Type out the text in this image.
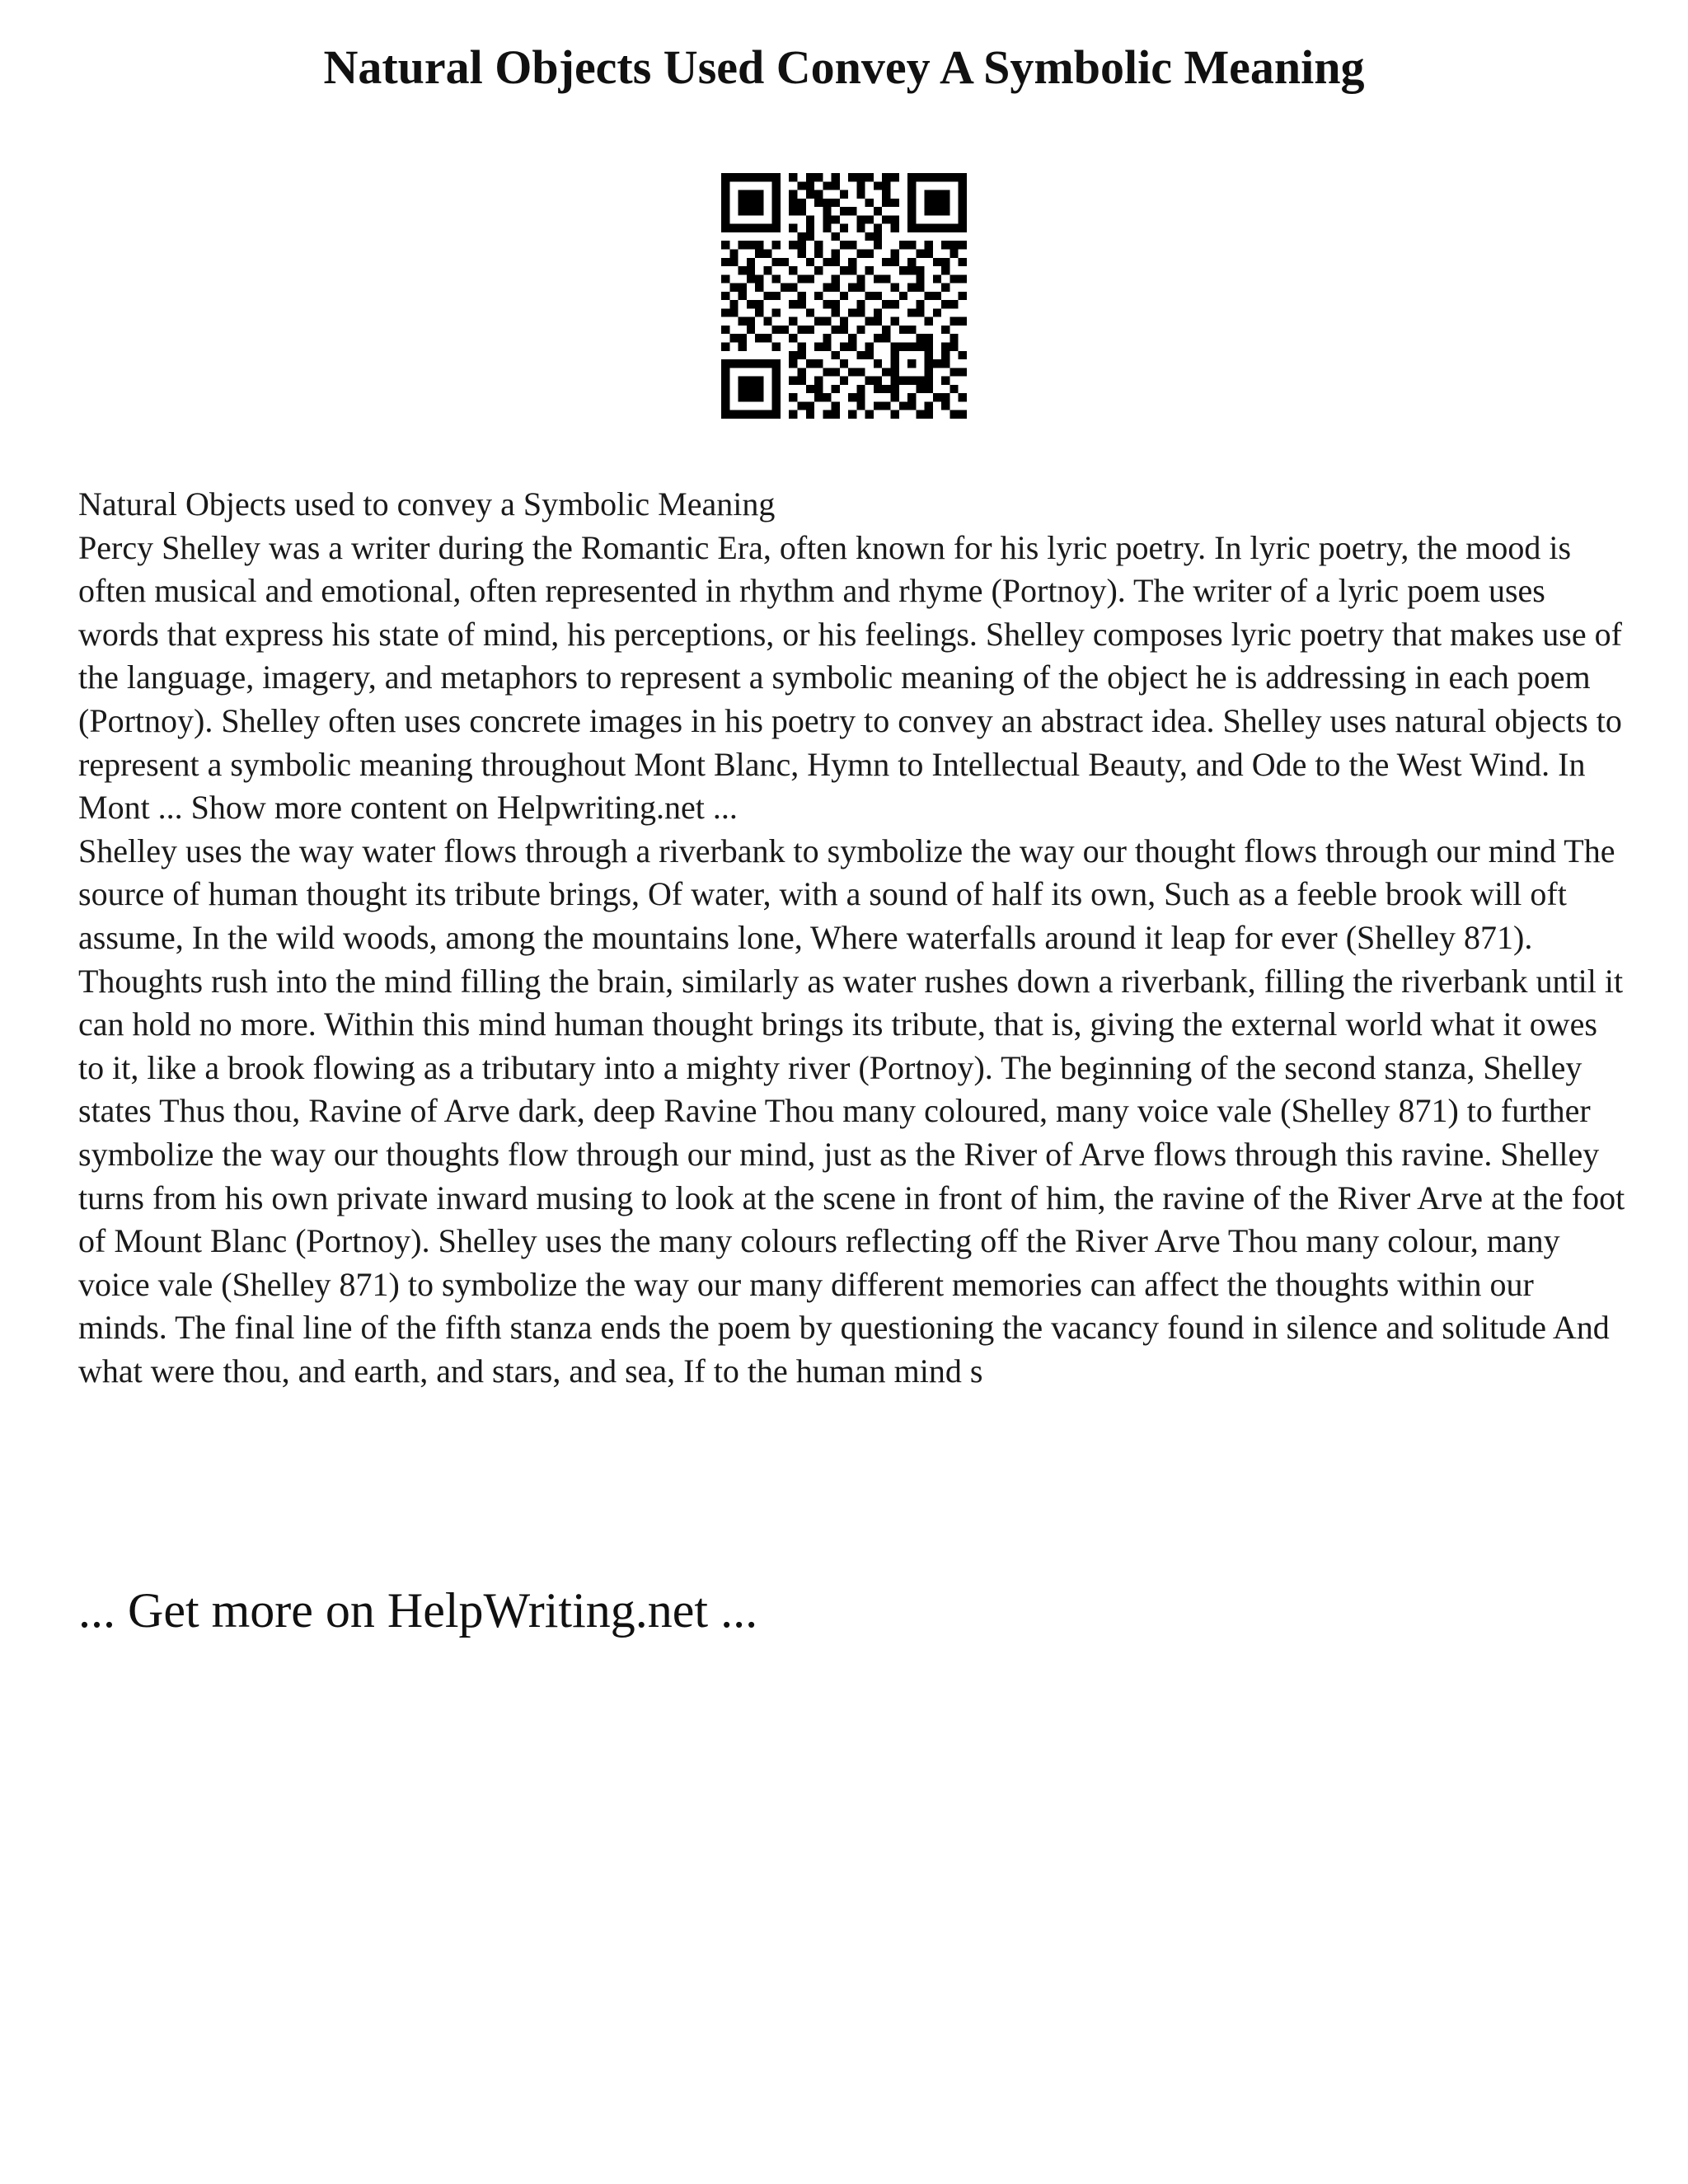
Natural Objects Used Convey A Symbolic Meaning

Natural Objects used to convey a Symbolic Meaning

Percy Shelley was a writer during the Romantic Era, often known for his lyric poetry. In lyric poetry, the mood is often musical and emotional, often represented in rhythm and rhyme (Portnoy). The writer of a lyric poem uses words that express his state of mind, his perceptions, or his feelings. Shelley composes lyric poetry that makes use of the language, imagery, and metaphors to represent a symbolic meaning of the object he is addressing in each poem (Portnoy). Shelley often uses concrete images in his poetry to convey an abstract idea. Shelley uses natural objects to represent a symbolic meaning throughout Mont Blanc, Hymn to Intellectual Beauty, and Ode to the West Wind. In Mont ... Show more content on Helpwriting.net ...

Shelley uses the way water flows through a riverbank to symbolize the way our thought flows through our mind The source of human thought its tribute brings, Of water, with a sound of half its own, Such as a feeble brook will oft assume, In the wild woods, among the mountains lone, Where waterfalls around it leap for ever (Shelley 871). Thoughts rush into the mind filling the brain, similarly as water rushes down a riverbank, filling the riverbank until it can hold no more. Within this mind human thought brings its tribute, that is, giving the external world what it owes to it, like a brook flowing as a tributary into a mighty river (Portnoy). The beginning of the second stanza, Shelley states Thus thou, Ravine of Arve dark, deep Ravine Thou many coloured, many voice vale (Shelley 871) to further symbolize the way our thoughts flow through our mind, just as the River of Arve flows through this ravine. Shelley turns from his own private inward musing to look at the scene in front of him, the ravine of the River Arve at the foot of Mount Blanc (Portnoy). Shelley uses the many colours reflecting off the River Arve Thou many colour, many voice vale (Shelley 871) to symbolize the way our many different memories can affect the thoughts within our minds. The final line of the fifth stanza ends the poem by questioning the vacancy found in silence and solitude And what were thou, and earth, and stars, and sea, If to the human mind s

... Get more on HelpWriting.net ...
